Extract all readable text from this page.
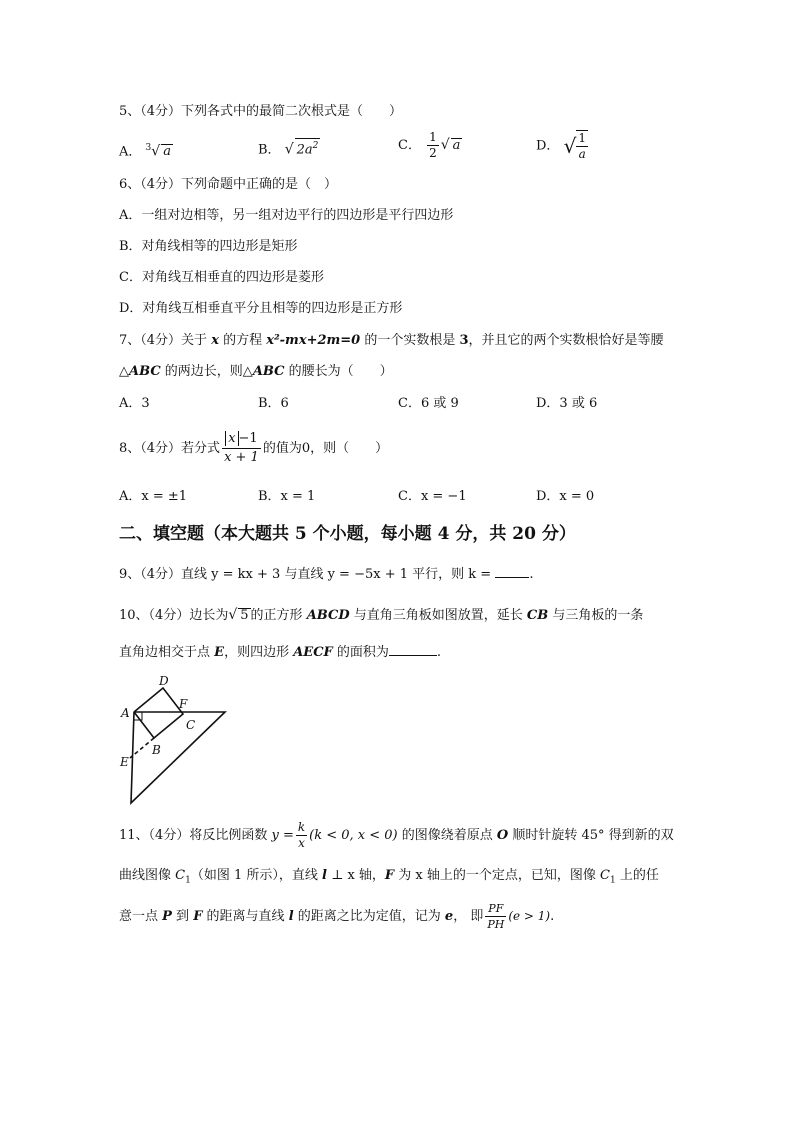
5、（4分）下列各式中的最简二次根式是（　　）
A． $^3$√ a	B． √ $2a^2$	C． $\frac{1}{2}$ √ a	D． √ $\frac{1}{a}$
6、（4分）下列命题中正确的是（　）
A．一组对边相等，另一组对边平行的四边形是平行四边形
B．对角线相等的四边形是矩形
C．对角线互相垂直的四边形是菱形
D．对角线互相垂直平分且相等的四边形是正方形
7、（4分）关于 x 的方程 x²-mx+2m=0 的一个实数根是 3，并且它的两个实数根恰好是等腰
△ABC 的两边长，则△ABC 的腰长为（　　）
A．3	B．6	C．6 或 9	D．3 或 6
8、（4分）若分式 $\frac{x -1}{x + 1}$ 的值为0，则（　　）
A．x = ±1	B．x = 1	C．x = −1	D．x = 0
二、填空题（本大题共 5 个小题，每小题 4 分，共 20 分）
9、（4分）直线 y = kx + 3 与直线 y = −5x + 1 平行，则 k =	.
10、（4分）边长为√ 5 的正方形 ABCD 与直角三角板如图放置，延长 CB 与三角板的一条
直角边相交于点 E，则四边形 AECF 的面积为	.
D
A
F
C
B
E
11、（4分）将反比例函数 $y = \frac{k}{x} (k < 0$, x < 0) 的图像绕着原点 O 顺时针旋转 45° 得到新的双
曲线图像 $C_1$（如图 1 所示），直线 l ⊥ x 轴，F 为 x 轴上的一个定点，已知，图像 $C_1$ 上的任
意一点 P 到 F 的距离与直线 l 的距离之比为定值，记为 e， 即 $\frac{PF}{PH} (e > 1)$.
